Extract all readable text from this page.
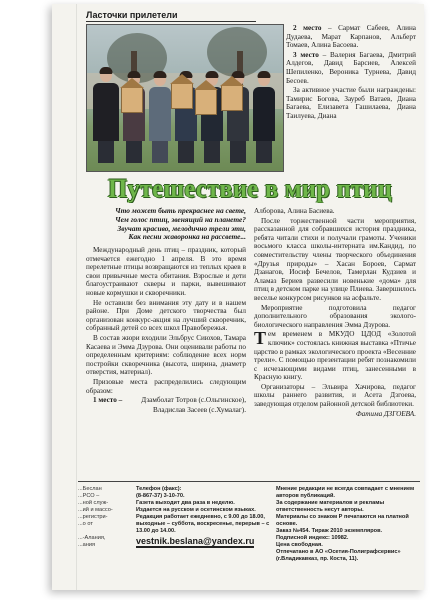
Ласточки прилетели

2 место – Сармат Сабеев, Алина Дудаева, Марат Карпанов, Альберт Томаев, Алина Басоева.

3 место – Валерия Багаева, Дмитрий Алдегов, Давид Барсиев, Алексей Шепиленко, Вероника Турнева, Давид Бесоев.

За активное участие были награждены: Тамирис Богова, Зауреб Ватаев, Диана Багаева, Елизавета Гашилаева, Диана Таилуева, Диана

Путешествие в мир птиц
Что может быть прекраснее на свете,
Чем голос птиц, звенящий на планете?
Звучат красиво, мелодично трели эти,
Как песни жаворонка на рассвете...

Международный день птиц – праздник, который отмечается ежегодно 1 апреля. В это время перелетные птицы возвращаются из теплых краев в свои привычные места обитания. Взрослые и дети благоустраивают скверы и парки, вывешивают новые кормушки и скворечники.

Не оставили без внимания эту дату и в нашем районе. При Доме детского творчества был организован конкурс-акция на лучший скворечник, собранный детей со всех школ Правобережья.

В состав жюри входили Эльбрус Сиюхов, Тамара Касаева и Эмма Дзурова. Они оценивали работы по определенным критериям: соблюдение всех норм постройки скворечника (высота, ширина, диаметр отверстия, материал).

Призовые места распределились следующим образом:

1 место –	Дзамболат Тотров (с.Ольгинское),

Владислав Засеев (с.Хумалаг).

Алборова, Алина Басиева.

После торжественной части мероприятия, рассказанной для собравшихся история праздника, ребята читали стихи и получали грамоты. Ученики восьмого класса школы-интерната им.Кандид, по совместительству члены творческого объединения «Друзья природы» – Хасан Бороев, Сармат Дзанагов, Иосиф Бечелов, Тамерлан Кудзиев и Аламаз Бериев развесили новенькие «дома» для птиц в детском парке на улице Плиева. Завершилось веселье конкурсом рисунков на асфальте.

Мероприятие подготовила педагог дополнительного образования эколого-биологического направления Эмма Дзурова.

Тем временем в МКУДО ЦДОД «Золотой ключик» состоялась книжная выставка «Птичье царство в рамках экологического проекта «Весенние трели». С помощью презентации ребят познакомили с исчезающими видами птиц, занесенными в Красную книгу.

Организаторы – Эльвира Хачирова, педагог школы раннего развития, и Асета Дзгоева, заведующая отделом районной детской библиотеки.

Фатима ДЗГОЕВА.

...Беслан

...РСО –

...ной служ-

...ий и массо-

...регистри-

...о от

...-Алания,

...ания

Телефон (факс):

(8-867-37) 3-10-70.

Газета выходит два раза в неделю.

Издается на русском и осетинском языках.

Редакция работает ежедневно, с 9.00 до 18.00, выходные – суббота, воскресенье, перерыв – с 13.00 до 14.00.

vestnik.beslana@yandex.ru

Мнение редакции не всегда совпадает с мнением авторов публикаций.

За содержание материалов и рекламы ответственность несут авторы.

Материалы со знаком Р печатаются на платной основе.

Заказ №454. Тираж 2010 экземпляров.

Подписной индекс: 10982.

Цена свободная.

Отпечатано в АО «Осетия-Полиграфсервис» (г.Владикавказ, пр. Коста, 11).
